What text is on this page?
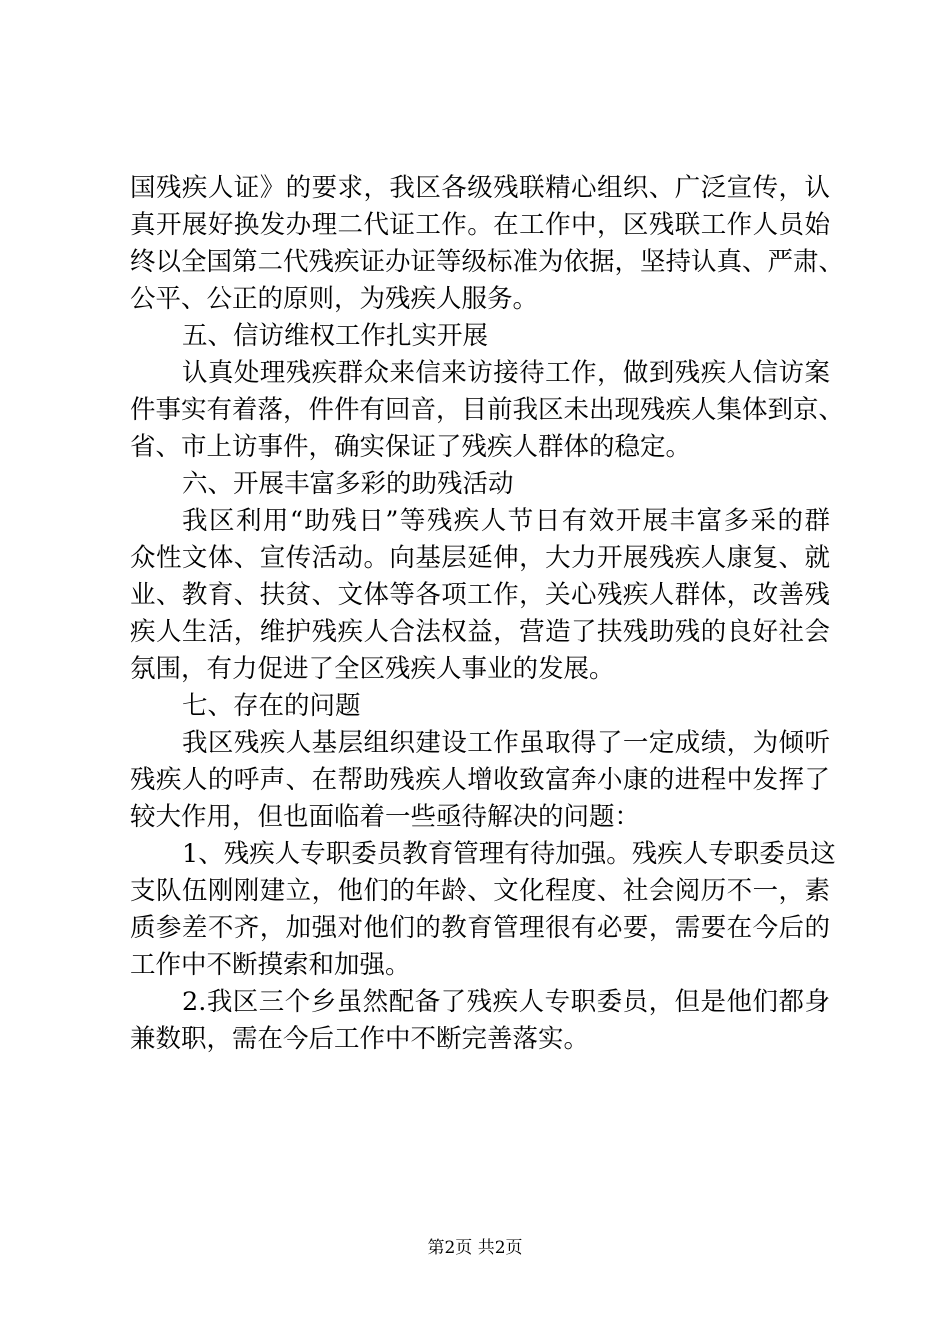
国残疾人证》的要求，我区各级残联精心组织、广泛宣传，认
真开展好换发办理二代证工作。在工作中，区残联工作人员始
终以全国第二代残疾证办证等级标准为依据，坚持认真、严肃、
公平、公正的原则，为残疾人服务。
五、信访维权工作扎实开展
认真处理残疾群众来信来访接待工作，做到残疾人信访案
件事实有着落，件件有回音，目前我区未出现残疾人集体到京、
省、市上访事件，确实保证了残疾人群体的稳定。
六、开展丰富多彩的助残活动
我区利用“助残日”等残疾人节日有效开展丰富多采的群
众性文体、宣传活动。向基层延伸，大力开展残疾人康复、就
业、教育、扶贫、文体等各项工作，关心残疾人群体，改善残
疾人生活，维护残疾人合法权益，营造了扶残助残的良好社会
氛围，有力促进了全区残疾人事业的发展。
七、存在的问题
我区残疾人基层组织建设工作虽取得了一定成绩，为倾听
残疾人的呼声、在帮助残疾人增收致富奔小康的进程中发挥了
较大作用，但也面临着一些亟待解决的问题：
1、残疾人专职委员教育管理有待加强。残疾人专职委员这
支队伍刚刚建立，他们的年龄、文化程度、社会阅历不一，素
质参差不齐，加强对他们的教育管理很有必要，需要在今后的
工作中不断摸索和加强。
2.我区三个乡虽然配备了残疾人专职委员，但是他们都身
兼数职，需在今后工作中不断完善落实。
第2页 共2页
